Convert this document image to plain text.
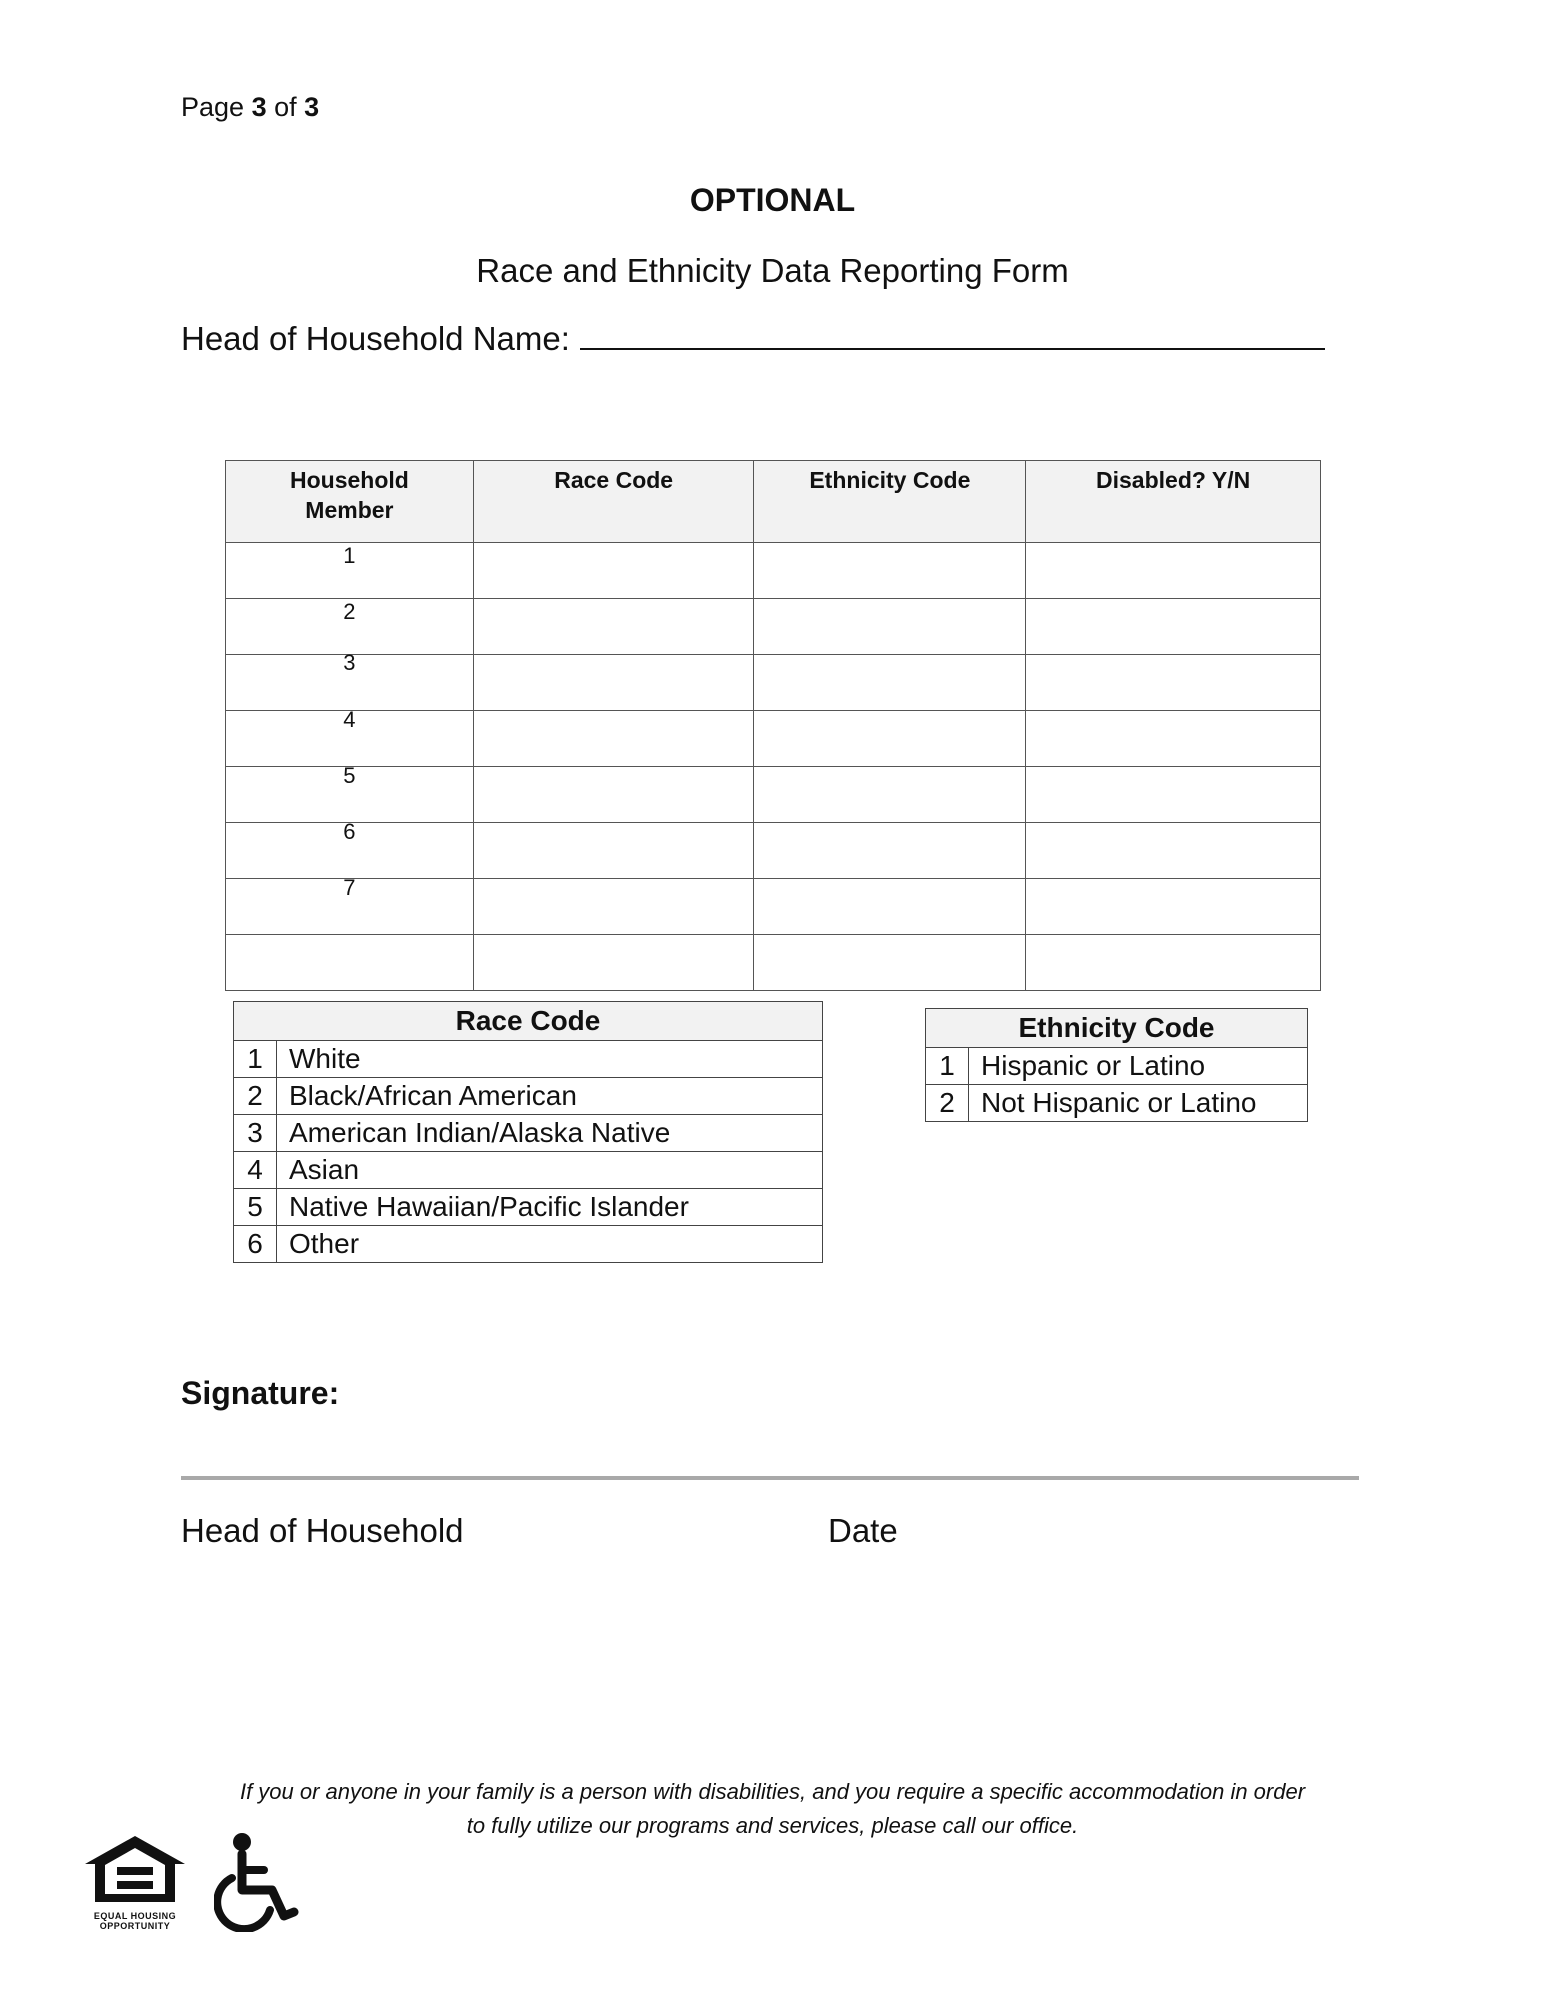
Page 3 of 3
OPTIONAL
Race and Ethnicity Data Reporting Form
Head of Household Name:
Household
Member	Race Code	Ethnicity Code	Disabled? Y/N
1			
2			

3			

4			

5			

6			

7			

Race Code	
1	White
2	Black/African American
3	American Indian/Alaska Native
4	Asian
5	Native Hawaiian/Pacific Islander
6	Other
Ethnicity Code	
1	Hispanic or Latino
2	Not Hispanic or Latino
Signature:
Head of Household	Date
If you or anyone in your family is a person with disabilities, and you require a specific accommodation in order
to fully utilize our programs and services, please call our office.
EQUAL HOUSING
OPPORTUNITY
